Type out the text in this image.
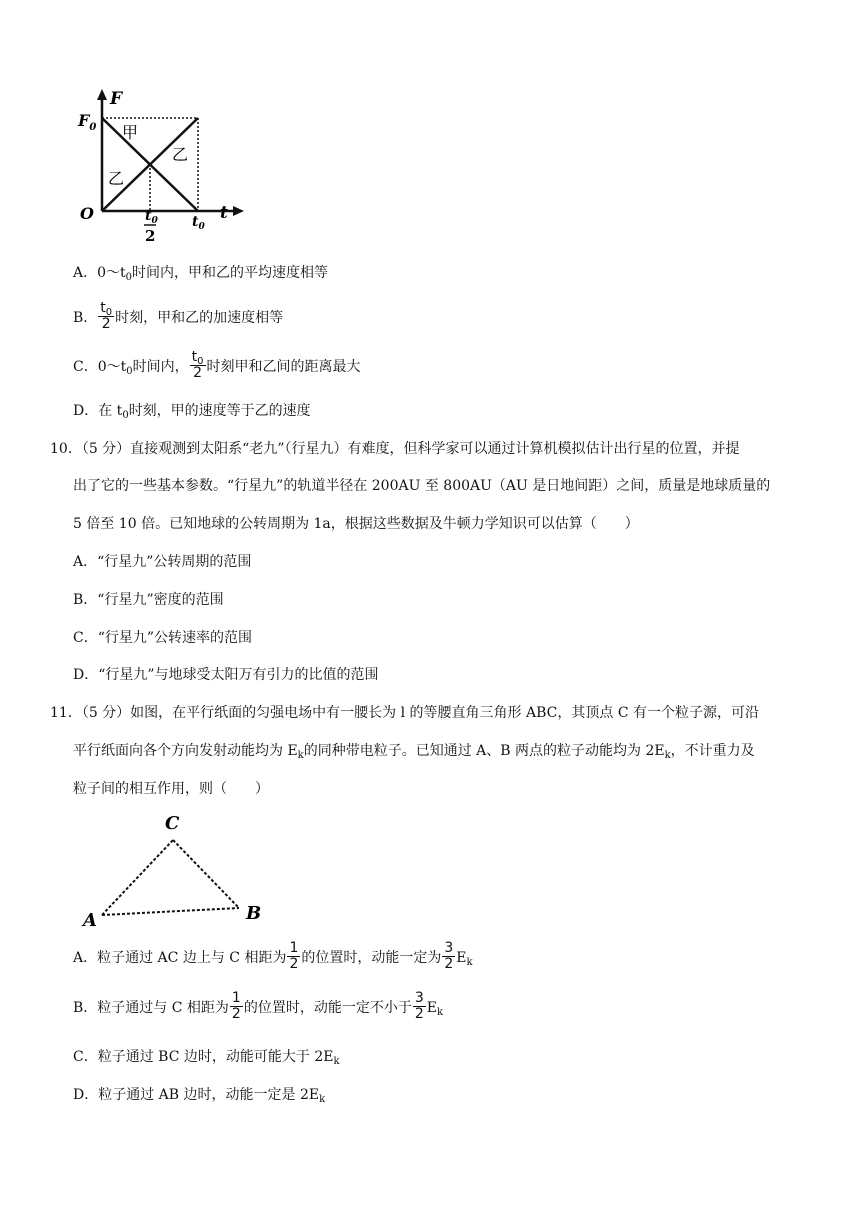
F
t
$F_0$
O
甲
乙
乙
$t_0$
2
$t_0$
A．$0\sim t_0$时间内，甲和乙的平均速度相等
B． $\frac{t_0}{2}$ 时刻，甲和乙的加速度相等
C．$0\sim t_0$时间内， $\frac{t_0}{2}$ 时刻甲和乙间的距离最大
D．在 $t_0$时刻，甲的速度等于乙的速度
10．（5 分）直接观测到太阳系“老九”（行星九）有难度，但科学家可以通过计算机模拟估计出行星的位置，并提
出了它的一些基本参数。“行星九”的轨道半径在 200AU 至 800AU（AU 是日地间距）之间，质量是地球质量的
5 倍至 10 倍。已知地球的公转周期为 1a，根据这些数据及牛顿力学知识可以估算（　　）
A．“行星九”公转周期的范围
B．“行星九”密度的范围
C．“行星九”公转速率的范围
D．“行星九”与地球受太阳万有引力的比值的范围
11．（5 分）如图，在平行纸面的匀强电场中有一腰长为 l 的等腰直角三角形 ABC，其顶点 C 有一个粒子源，可沿
平行纸面向各个方向发射动能均为 $E_k$的同种带电粒子。已知通过 A、B 两点的粒子动能均为 $2E_k$，不计重力及
粒子间的相互作用，则（　　）
C
A	B
A．粒子通过 AC 边上与 C 相距为 $\frac{1}{2}$ 的位置时，动能一定为 $\frac{3}{2} E_k$
B．粒子通过与 C 相距为 $\frac{1}{2}$ 的位置时，动能一定不小于 $\frac{3}{2} E_k$
C．粒子通过 BC 边时，动能可能大于 $2E_k$
D．粒子通过 AB 边时，动能一定是 $2E_k$
